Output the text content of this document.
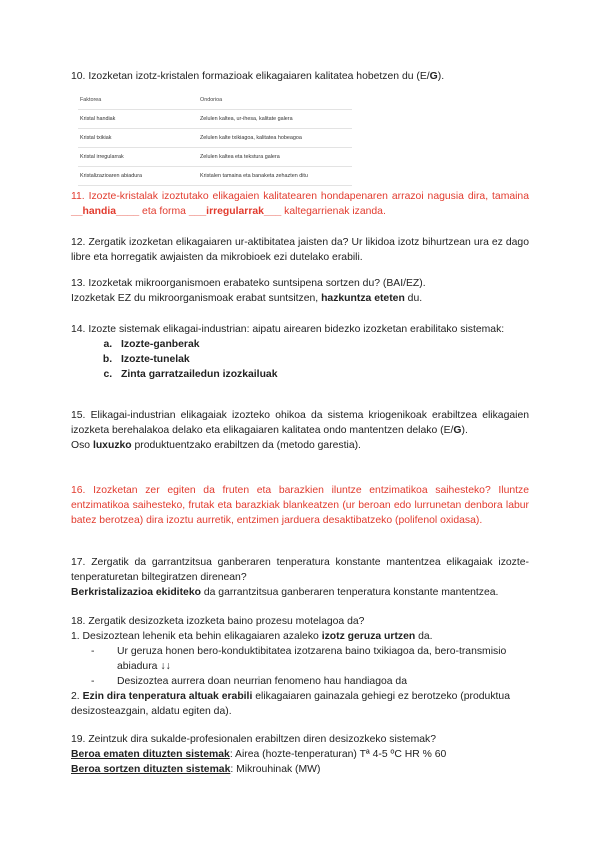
10. Izozketan izotz-kristalen formazioak elikagaiaren kalitatea hobetzen du (E/G).

Faktorea	Ondorioa
Kristal handiak	Zelulen kaltea, ur-ihesa, kalitate galera
Kristal txikiak	Zelulen kalte txikiagoa, kalitatea hobeagoa
Kristal irregularrak	Zelulen kaltea eta tekstura galera
Kristalizazioaren abiadura	Kristalen tamaina eta banaketa zehazten ditu

11. Izozte-kristalak izoztutako elikagaien kalitatearen hondapenaren arrazoi nagusia dira, tamaina __handia____ eta forma ___irregularrak___ kaltegarrienak izanda.

12. Zergatik izozketan elikagaiaren ur-aktibitatea jaisten da? Ur likidoa izotz bihurtzean ura ez dago libre eta horregatik awjaisten da mikrobioek ezi dutelako erabili.

13. Izozketak mikroorganismoen erabateko suntsipena sortzen du? (BAI/EZ).

Izozketak EZ du mikroorganismoak erabat suntsitzen, hazkuntza eteten du.

14. Izozte sistemak elikagai-industrian: aipatu airearen bidezko izozketan erabilitako sistemak:

a. Izozte-ganberak
b. Izozte-tunelak
c. Zinta garratzailedun izozkailuak

15. Elikagai-industrian elikagaiak izozteko ohikoa da sistema kriogenikoak erabiltzea elikagaien izozketa berehalakoa delako eta elikagaiaren kalitatea ondo mantentzen delako (E/G).

Oso luxuzko produktuentzako erabiltzen da (metodo garestia).

16. Izozketan zer egiten da fruten eta barazkien iluntze entzimatikoa saihesteko? Iluntze entzimatikoa saihesteko, frutak eta barazkiak blankeatzen (ur beroan edo lurrunetan denbora labur batez berotzea) dira izoztu aurretik, entzimen jarduera desaktibatzeko (polifenol oxidasa).

17. Zergatik da garrantzitsua ganberaren tenperatura konstante mantentzea elikagaiak izozte-tenperaturetan biltegiratzen direnean?

Berkristalizazioa ekiditeko da garrantzitsua ganberaren tenperatura konstante mantentzea.

18. Zergatik desizozketa izozketa baino prozesu motelagoa da?

1. Desizoztean lehenik eta behin elikagaiaren azaleko izotz geruza urtzen da.

- Ur geruza honen bero-konduktibitatea izotzarena baino txikiagoa da, bero-transmisio abiadura ↓↓
- Desizoztea aurrera doan neurrian fenomeno hau handiagoa da

2. Ezin dira tenperatura altuak erabili elikagaiaren gainazala gehiegi ez berotzeko (produktua desizosteazgain, aldatu egiten da).

19. Zeintzuk dira sukalde-profesionalen erabiltzen diren desizozkeko sistemak?

Beroa ematen dituzten sistemak: Airea (hozte-tenperaturan) Tª 4-5 ºC HR % 60

Beroa sortzen dituzten sistemak: Mikrouhinak (MW)
